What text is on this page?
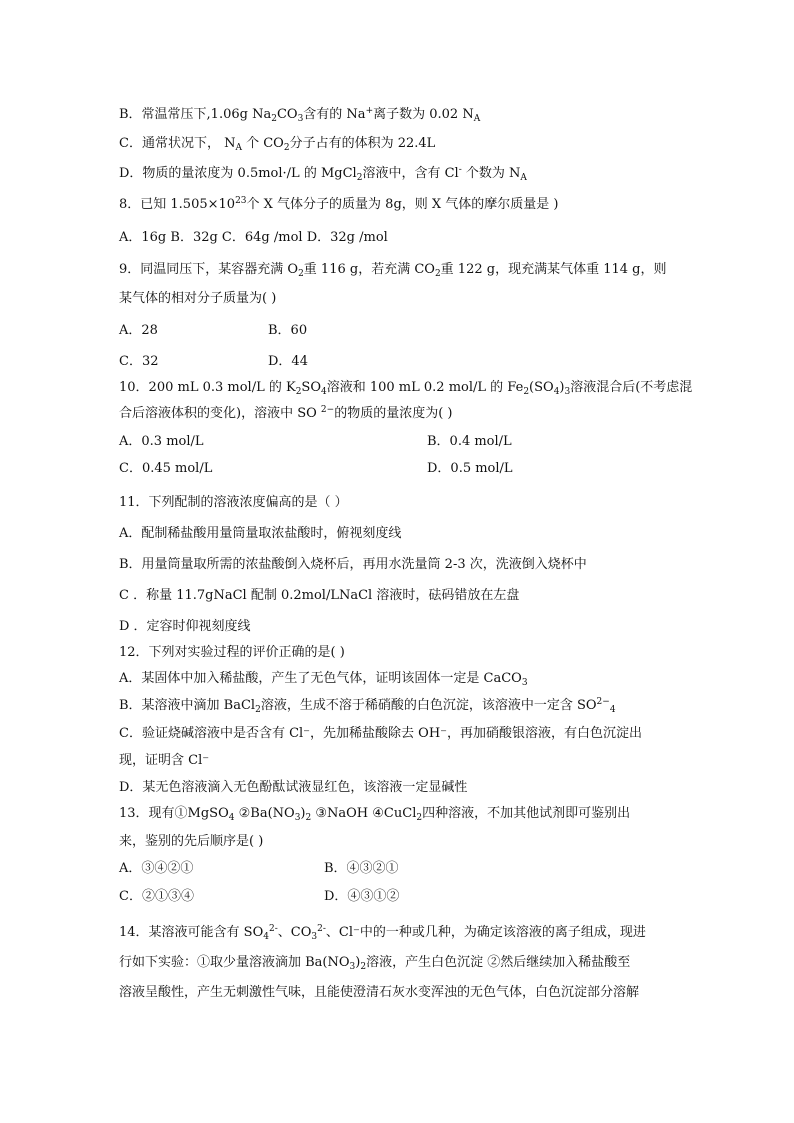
B．常温常压下,1.06g $Na_2CO_3$含有的 Na+离子数为 0.02 $N_A$
C．通常状况下， $N_A$ 个 $CO_2$分子占有的体积为 22.4L
D．物质的量浓度为 0.5mol·/L 的 MgCl$_2$溶液中，含有 Cl- 个数为 $N_A$
8．已知 $1.505\times 10^{23}$个 X 气体分子的质量为 8g，则 X 气体的摩尔质量是 )
A．16g B．32g C．64g /mol D．32g /mol
9．同温同压下，某容器充满 $O_2$重 116 g，若充满 $CO_2$重 122 g，现充满某气体重 114 g，则
某气体的相对分子质量为( )
A．28	B．60
C．32	D．44
10．200 mL 0.3 mol/L 的 $K_2SO_4$溶液和 100 mL 0.2 mol/L 的 $Fe_2(SO_4)_3$溶液混合后(不考虑混
合后溶液体积的变化)，溶液中 SO $^{2-}$的物质的量浓度为( )
A．0.3 mol/L	B．0.4 mol/L
C．0.45 mol/L	D．0.5 mol/L
11．下列配制的溶液浓度偏高的是（ ）
A．配制稀盐酸用量筒量取浓盐酸时，俯视刻度线
B．用量筒量取所需的浓盐酸倒入烧杯后，再用水洗量筒 2-3 次，洗液倒入烧杯中
C ．称量 11.7gNaCl 配制 0.2mol/LNaCl 溶液时，砝码错放在左盘
D ．定容时仰视刻度线
12．下列对实验过程的评价正确的是( )
A．某固体中加入稀盐酸，产生了无色气体，证明该固体一定是 CaCO$_3$
B．某溶液中滴加 BaCl$_2$溶液，生成不溶于稀硝酸的白色沉淀，该溶液中一定含 $SO^{2-}_4$
C．验证烧碱溶液中是否含有 Cl⁻，先加稀盐酸除去 OH⁻，再加硝酸银溶液，有白色沉淀出
现，证明含 Cl⁻
D．某无色溶液滴入无色酚酞试液显红色，该溶液一定显碱性
13．现有①MgSO$_4$ $②Ba(NO_3)_2$ ③NaOH ④CuCl$_2$四种溶液，不加其他试剂即可鉴别出
来，鉴别的先后顺序是( )
A．③④②①	B．④③②①
C．②①③④	D．④③①②
14．某溶液可能含有 $SO_4^{2-}$、$CO_3^{2-}$、Cl⁻中的一种或几种，为确定该溶液的离子组成，现进
行如下实验：①取少量溶液滴加 $Ba(NO_3)_2$溶液，产生白色沉淀 ②然后继续加入稀盐酸至
溶液呈酸性，产生无刺激性气味，且能使澄清石灰水变浑浊的无色气体，白色沉淀部分溶解
